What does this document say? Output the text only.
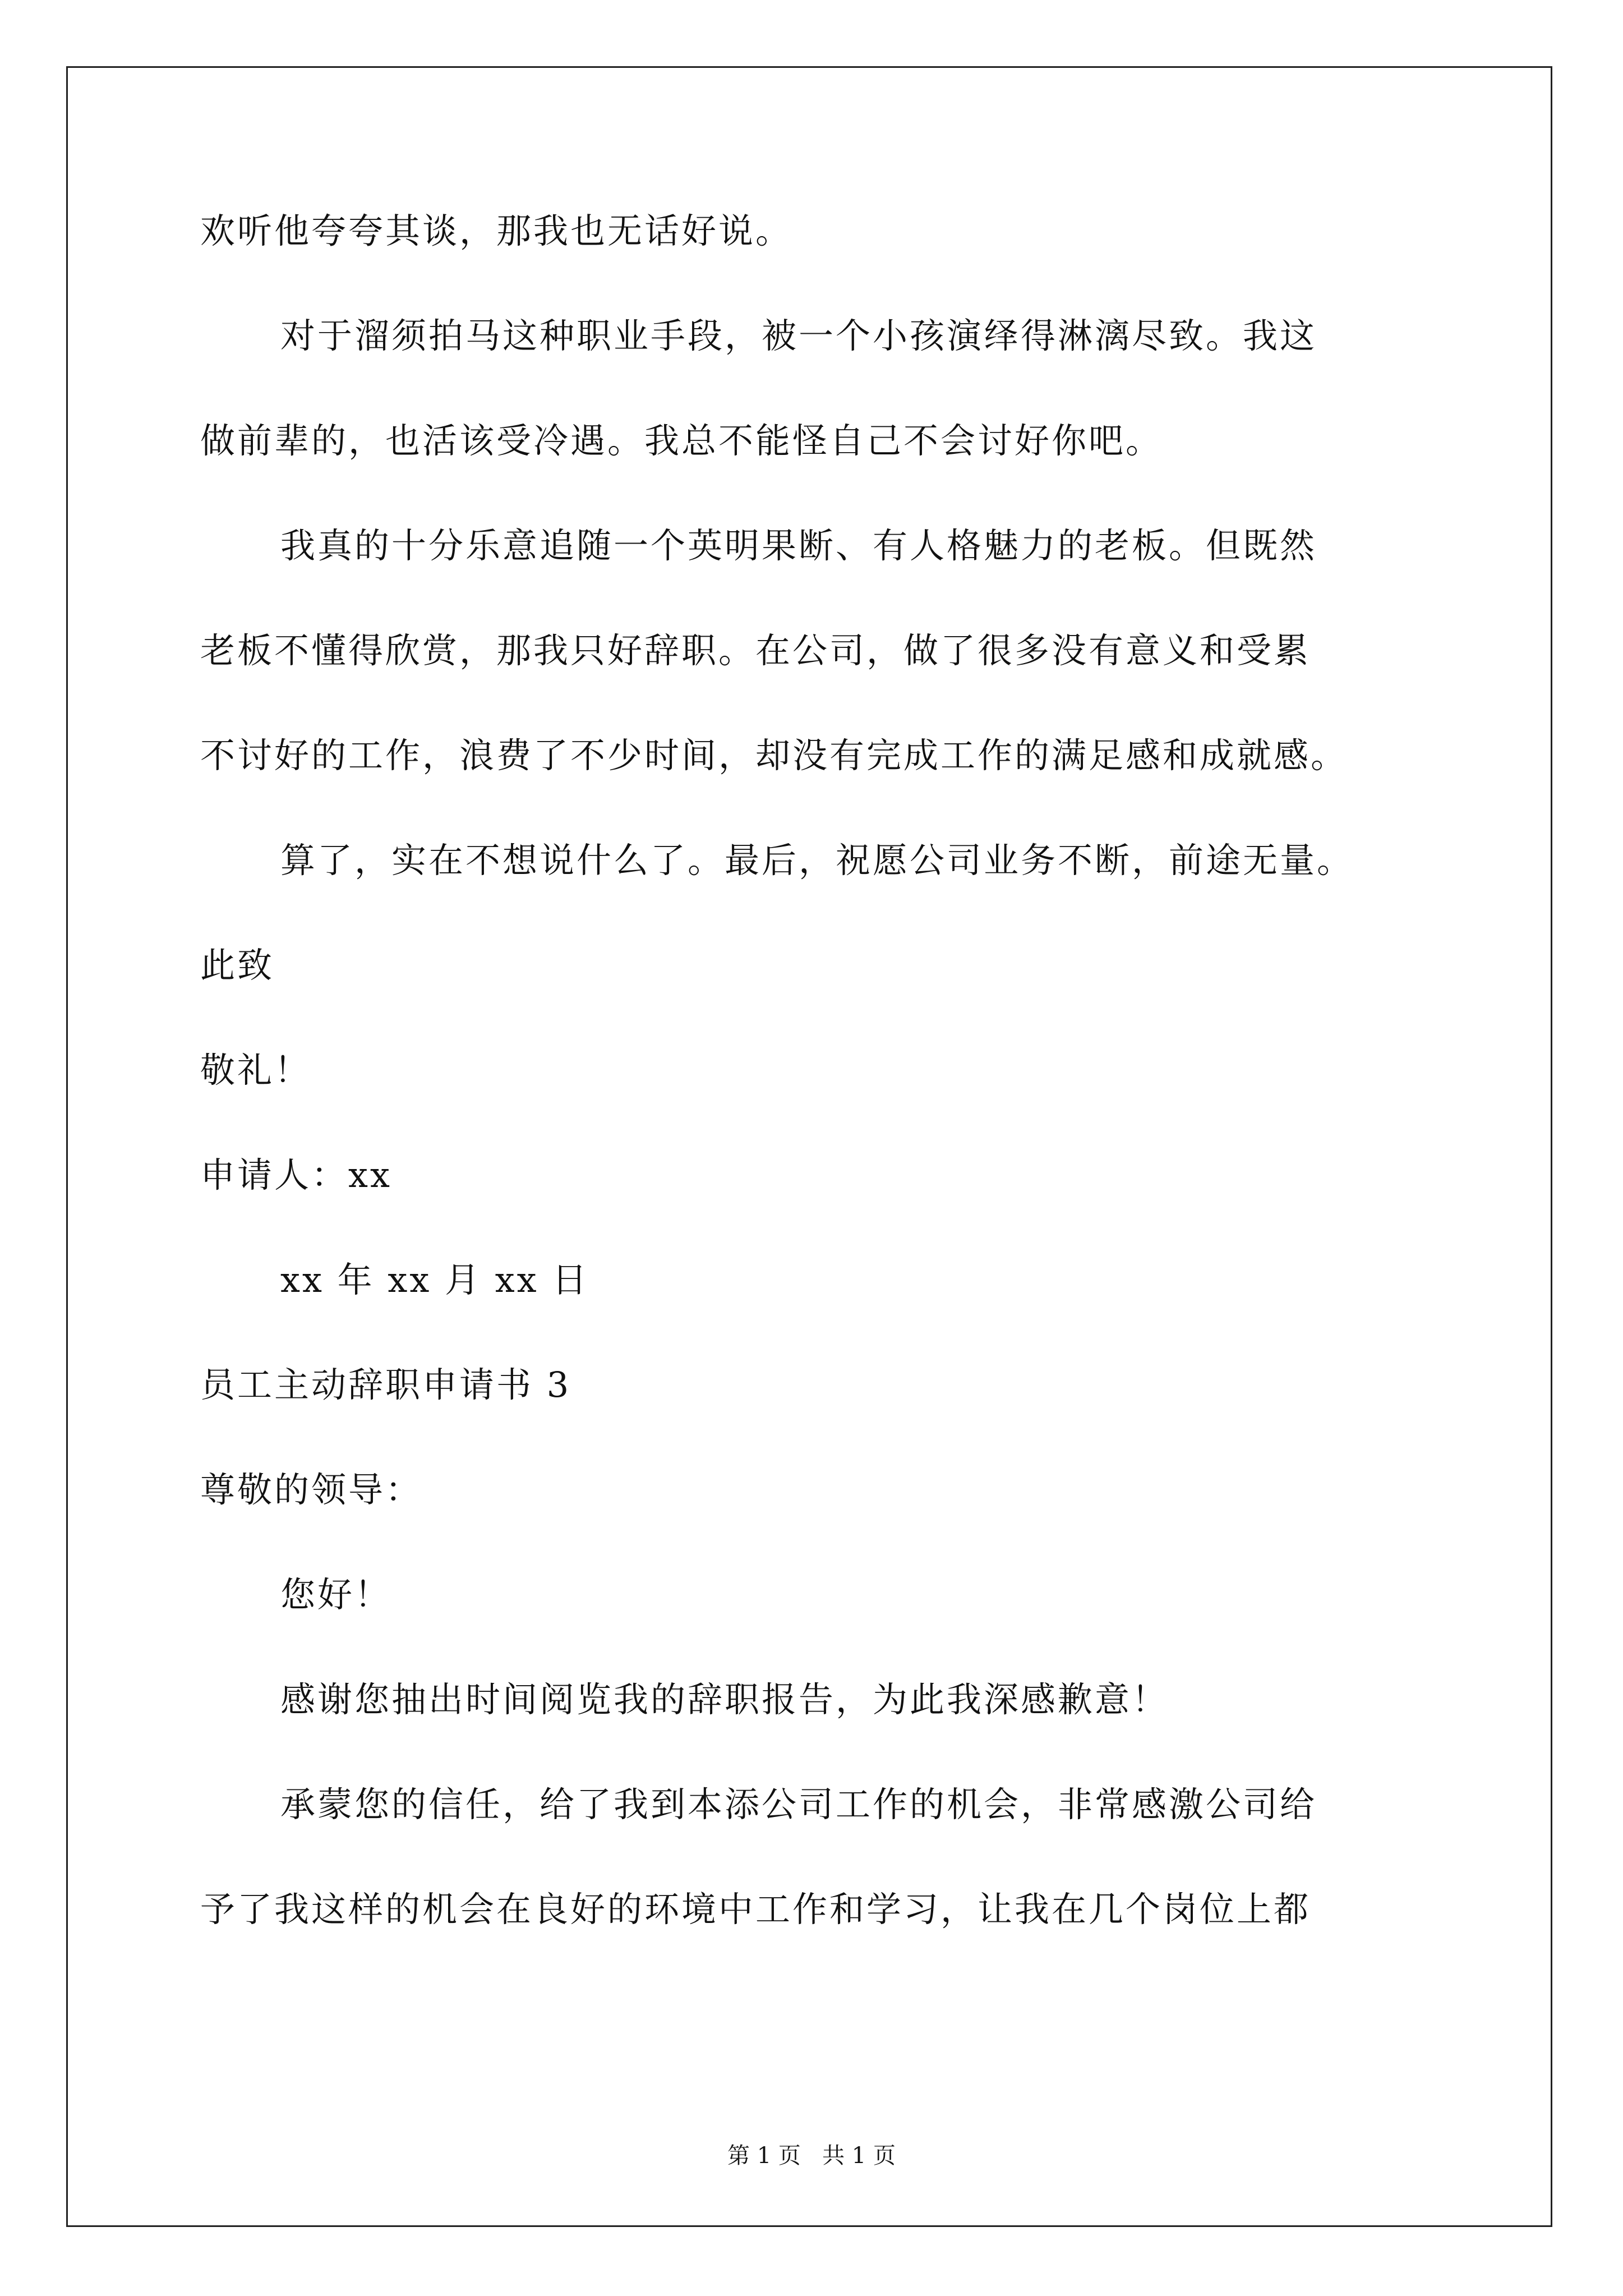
欢听他夸夸其谈，那我也无话好说。
对于溜须拍马这种职业手段，被一个小孩演绎得淋漓尽致。我这
做前辈的，也活该受冷遇。我总不能怪自己不会讨好你吧。
我真的十分乐意追随一个英明果断、有人格魅力的老板。但既然
老板不懂得欣赏，那我只好辞职。在公司，做了很多没有意义和受累
不讨好的工作，浪费了不少时间，却没有完成工作的满足感和成就感。
算了，实在不想说什么了。最后，祝愿公司业务不断，前途无量。
此致
敬礼！
申请人：xx
xx 年 xx 月 xx 日
员工主动辞职申请书 3
尊敬的领导：
您好！
感谢您抽出时间阅览我的辞职报告，为此我深感歉意！
承蒙您的信任，给了我到本添公司工作的机会，非常感激公司给
予了我这样的机会在良好的环境中工作和学习，让我在几个岗位上都
第 1 页   共 1 页
